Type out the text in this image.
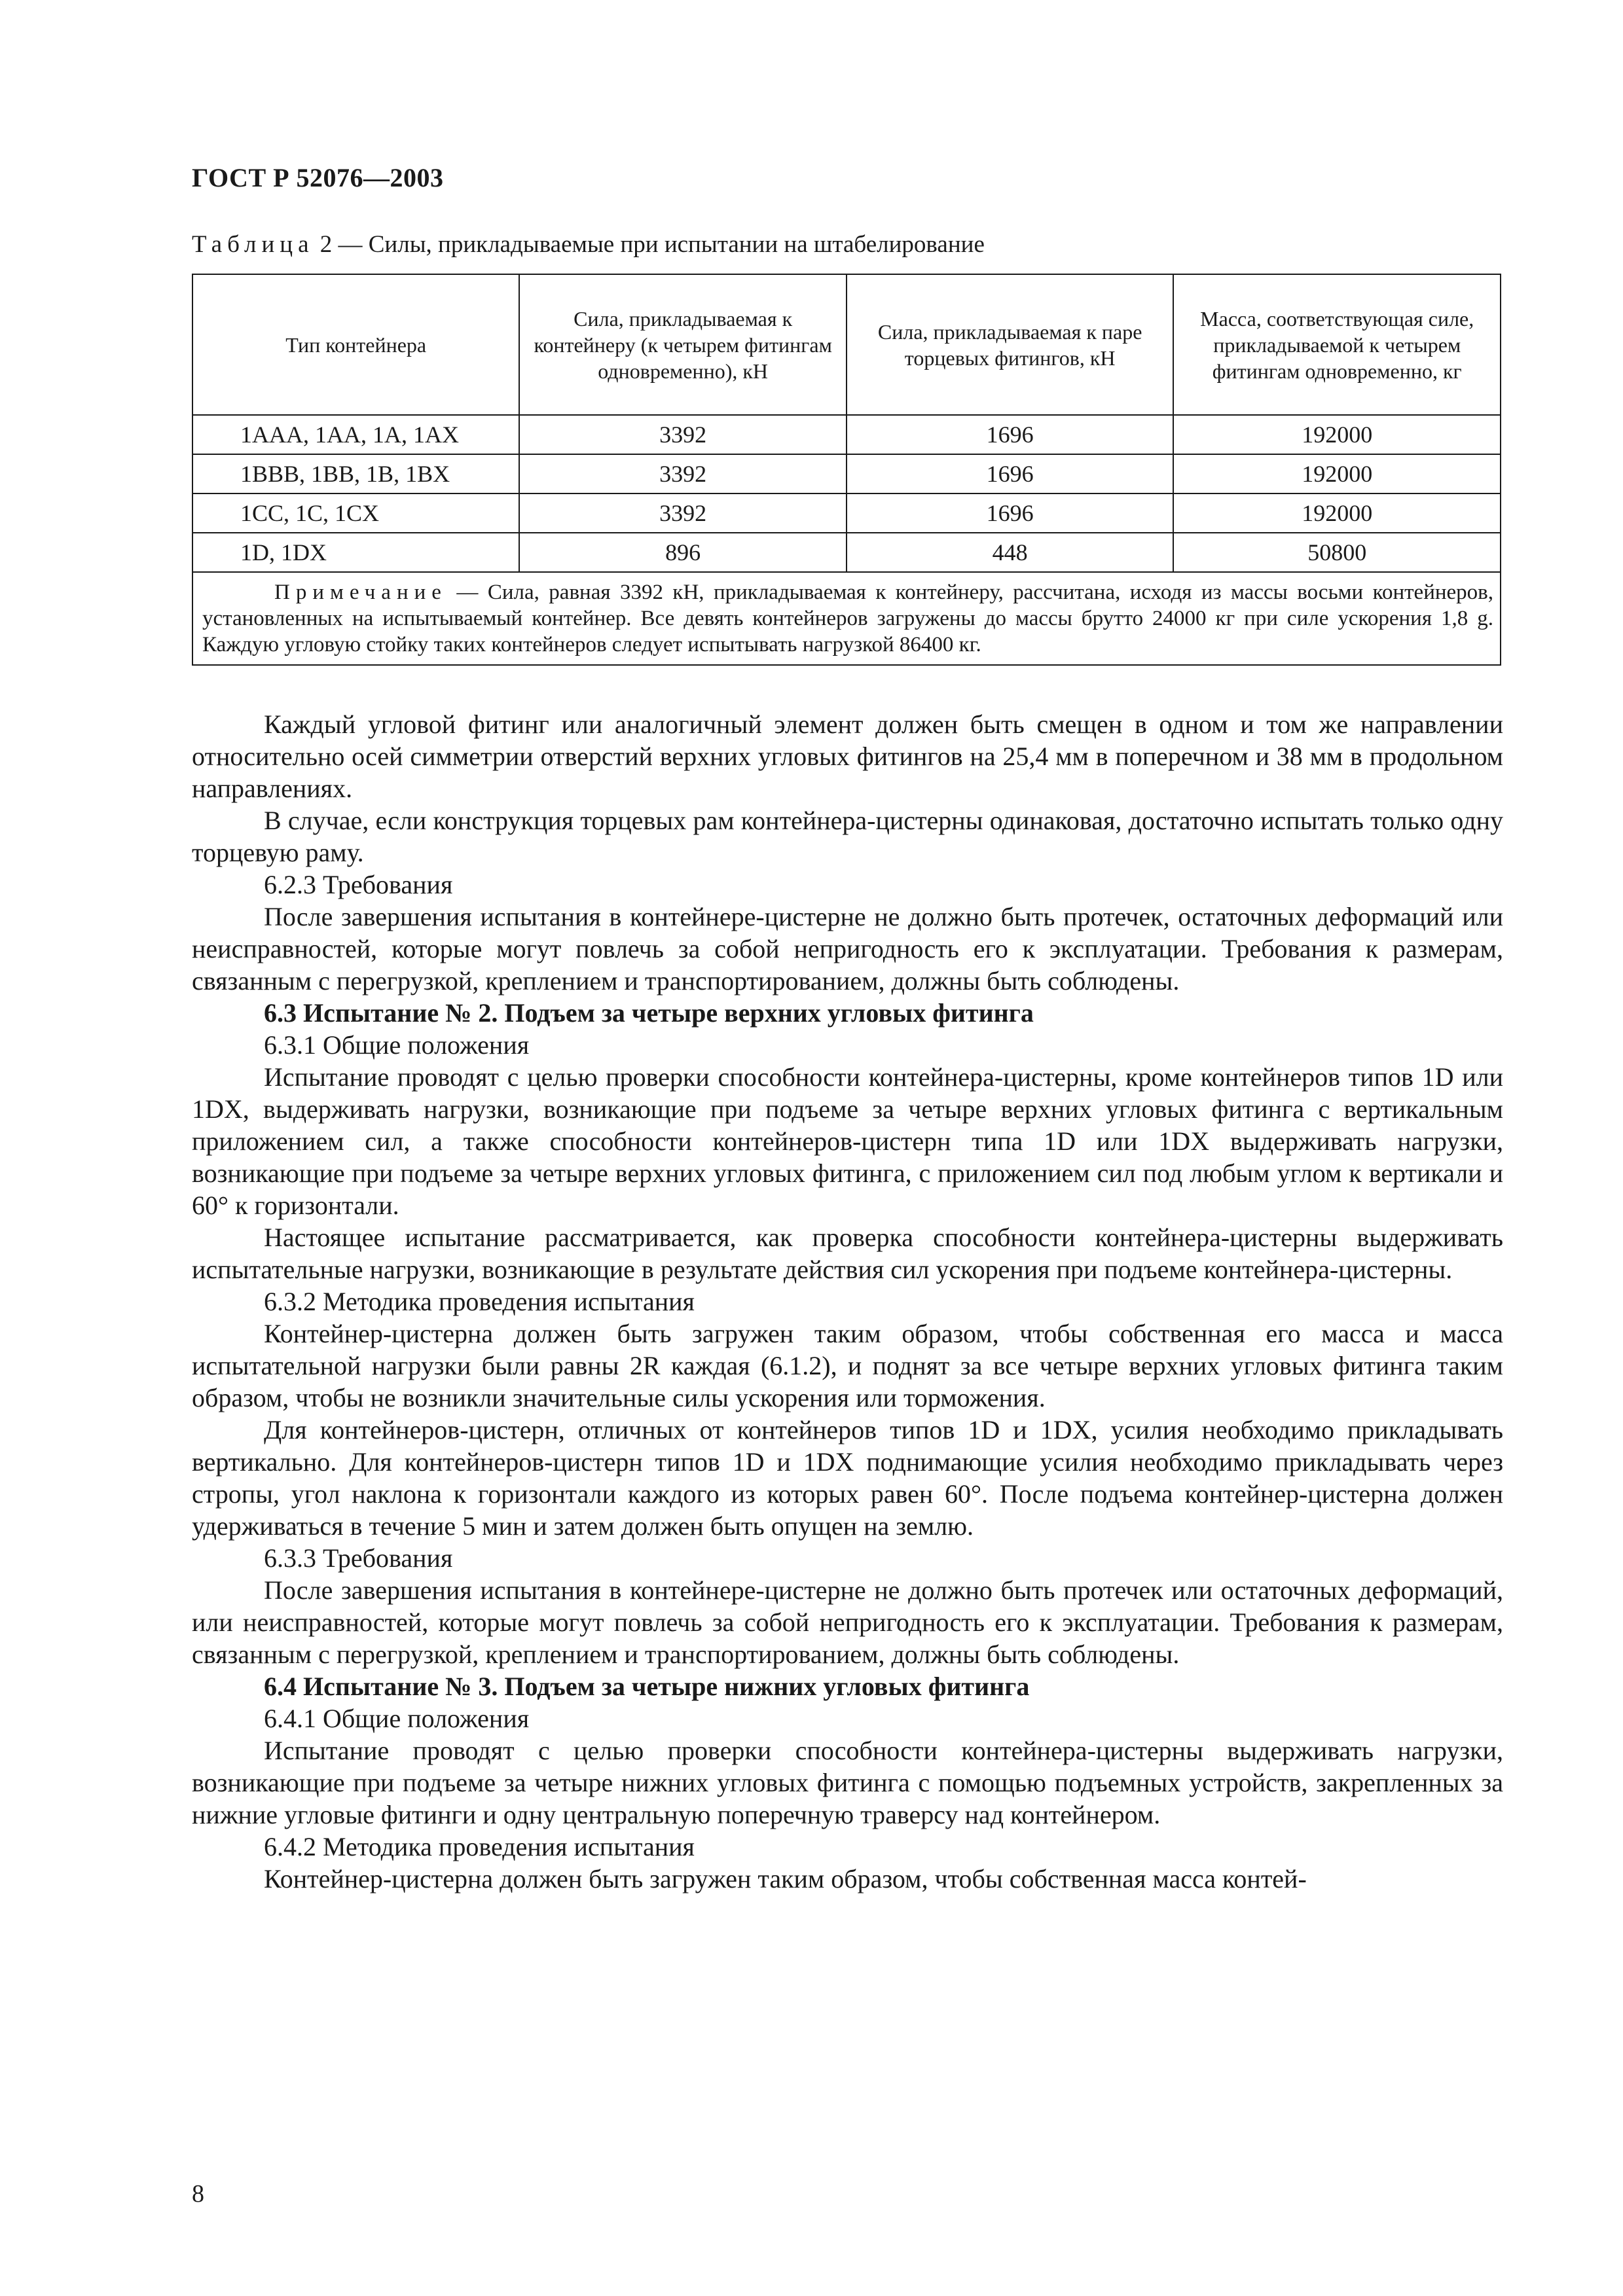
ГОСТ Р 52076—2003
Таблица 2 — Силы, прикладываемые при испытании на штабелирование
Тип контейнера	Сила, прикладываемая к контейнеру (к четырем фитингам одновременно), кН	Сила, прикладываемая к паре торцевых фитингов, кН	Масса, соответствующая силе, прикладываемой к четырем фитингам одновременно, кг
1AAA, 1AA, 1A, 1AX	3392	1696	192000
1BBB, 1BB, 1B, 1BX	3392	1696	192000
1CC, 1C, 1CX	3392	1696	192000
1D, 1DX	896	448	50800
Примечание — Сила, равная 3392 кН, прикладываемая к контейнеру, рассчитана, исходя из массы восьми контейнеров, установленных на испытываемый контейнер. Все девять контейнеров загружены до массы брутто 24000 кг при силе ускорения 1,8 g. Каждую угловую стойку таких контейнеров следует испытывать нагрузкой 86400 кг.			

Каждый угловой фитинг или аналогичный элемент должен быть смещен в одном и том же направлении относительно осей симметрии отверстий верхних угловых фитингов на 25,4 мм в поперечном и 38 мм в продольном направлениях.

В случае, если конструкция торцевых рам контейнера-цистерны одинаковая, достаточно испытать только одну торцевую раму.

6.2.3 Требования

После завершения испытания в контейнере-цистерне не должно быть протечек, остаточных деформаций или неисправностей, которые могут повлечь за собой непригодность его к эксплуатации. Требования к размерам, связанным с перегрузкой, креплением и транспортированием, должны быть соблюдены.

6.3 Испытание № 2. Подъем за четыре верхних угловых фитинга

6.3.1 Общие положения

Испытание проводят с целью проверки способности контейнера-цистерны, кроме контейнеров типов 1D или 1DX, выдерживать нагрузки, возникающие при подъеме за четыре верхних угловых фитинга с вертикальным приложением сил, а также способности контейнеров-цистерн типа 1D или 1DX выдерживать нагрузки, возникающие при подъеме за четыре верхних угловых фитинга, с приложением сил под любым углом к вертикали и 60° к горизонтали.

Настоящее испытание рассматривается, как проверка способности контейнера-цистерны выдерживать испытательные нагрузки, возникающие в результате действия сил ускорения при подъеме контейнера-цистерны.

6.3.2 Методика проведения испытания

Контейнер-цистерна должен быть загружен таким образом, чтобы собственная его масса и масса испытательной нагрузки были равны 2R каждая (6.1.2), и поднят за все четыре верхних угловых фитинга таким образом, чтобы не возникли значительные силы ускорения или торможения.

Для контейнеров-цистерн, отличных от контейнеров типов 1D и 1DX, усилия необходимо прикладывать вертикально. Для контейнеров-цистерн типов 1D и 1DX поднимающие усилия необходимо прикладывать через стропы, угол наклона к горизонтали каждого из которых равен 60°. После подъема контейнер-цистерна должен удерживаться в течение 5 мин и затем должен быть опущен на землю.

6.3.3 Требования

После завершения испытания в контейнере-цистерне не должно быть протечек или остаточных деформаций, или неисправностей, которые могут повлечь за собой непригодность его к эксплуатации. Требования к размерам, связанным с перегрузкой, креплением и транспортированием, должны быть соблюдены.

6.4 Испытание № 3. Подъем за четыре нижних угловых фитинга

6.4.1 Общие положения

Испытание проводят с целью проверки способности контейнера-цистерны выдерживать нагрузки, возникающие при подъеме за четыре нижних угловых фитинга с помощью подъемных устройств, закрепленных за нижние угловые фитинги и одну центральную поперечную траверсу над контейнером.

6.4.2 Методика проведения испытания

Контейнер-цистерна должен быть загружен таким образом, чтобы собственная масса контей-

8
